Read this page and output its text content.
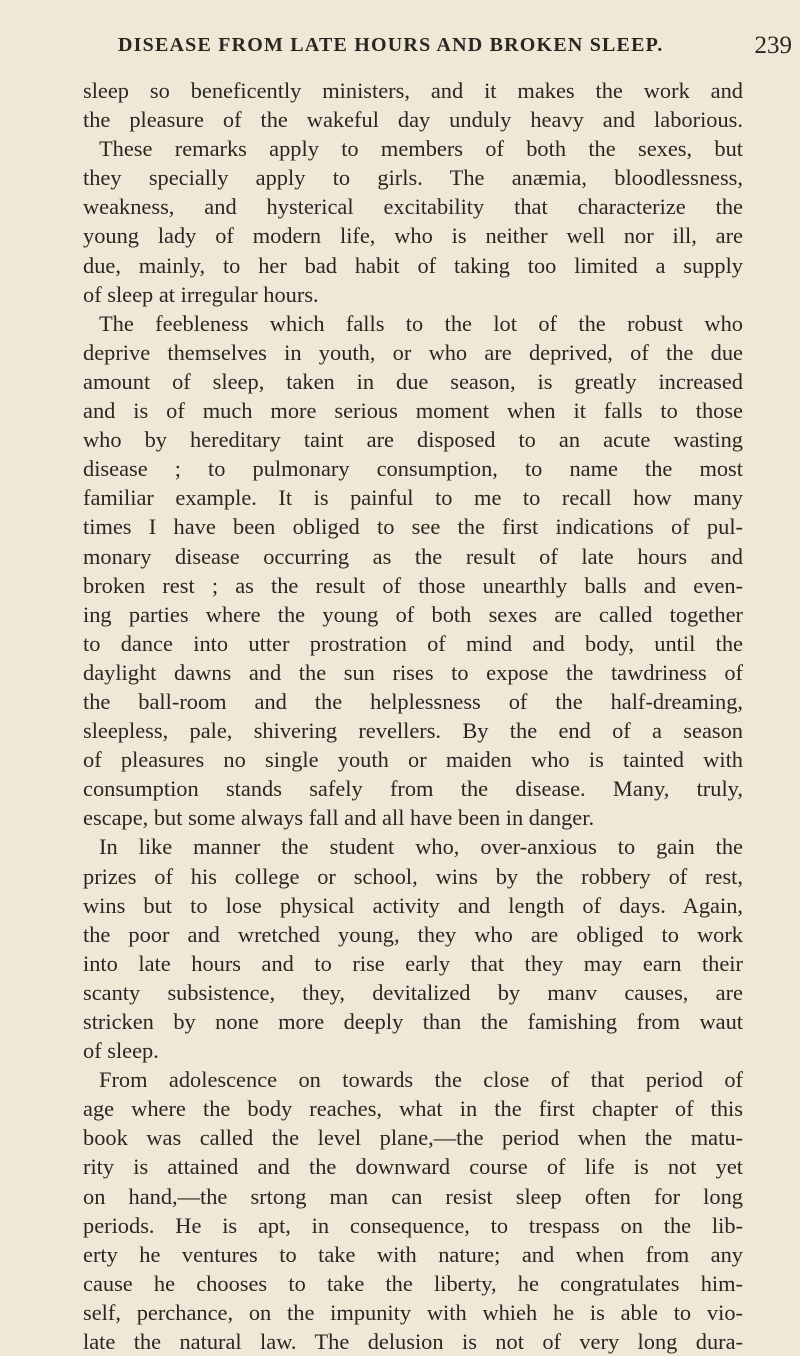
DISEASE FROM LATE HOURS AND BROKEN SLEEP.	239
sleep so beneficently ministers, and it makes the work and
the pleasure of the wakeful day unduly heavy and laborious.
These remarks apply to members of both the sexes, but
they specially apply to girls. The anæmia, bloodlessness,
weakness, and hysterical excitability that characterize the
young lady of modern life, who is neither well nor ill, are
due, mainly, to her bad habit of taking too limited a supply
of sleep at irregular hours.
The feebleness which falls to the lot of the robust who
deprive themselves in youth, or who are deprived, of the due
amount of sleep, taken in due season, is greatly increased
and is of much more serious moment when it falls to those
who by hereditary taint are disposed to an acute wasting
disease ; to pulmonary consumption, to name the most
familiar example. It is painful to me to recall how many
times I have been obliged to see the first indications of pul-
monary disease occurring as the result of late hours and
broken rest ; as the result of those unearthly balls and even-
ing parties where the young of both sexes are called together
to dance into utter prostration of mind and body, until the
daylight dawns and the sun rises to expose the tawdriness of
the ball-room and the helplessness of the half-dreaming,
sleepless, pale, shivering revellers. By the end of a season
of pleasures no single youth or maiden who is tainted with
consumption stands safely from the disease. Many, truly,
escape, but some always fall and all have been in danger.
In like manner the student who, over-anxious to gain the
prizes of his college or school, wins by the robbery of rest,
wins but to lose physical activity and length of days. Again,
the poor and wretched young, they who are obliged to work
into late hours and to rise early that they may earn their
scanty subsistence, they, devitalized by manv causes, are
stricken by none more deeply than the famishing from waut
of sleep.
From adolescence on towards the close of that period of
age where the body reaches, what in the first chapter of this
book was called the level plane,—the period when the matu-
rity is attained and the downward course of life is not yet
on hand,—the srtong man can resist sleep often for long
periods. He is apt, in consequence, to trespass on the lib-
erty he ventures to take with nature; and when from any
cause he chooses to take the liberty, he congratulates him-
self, perchance, on the impunity with whieh he is able to vio-
late the natural law. The delusion is not of very long dura-
